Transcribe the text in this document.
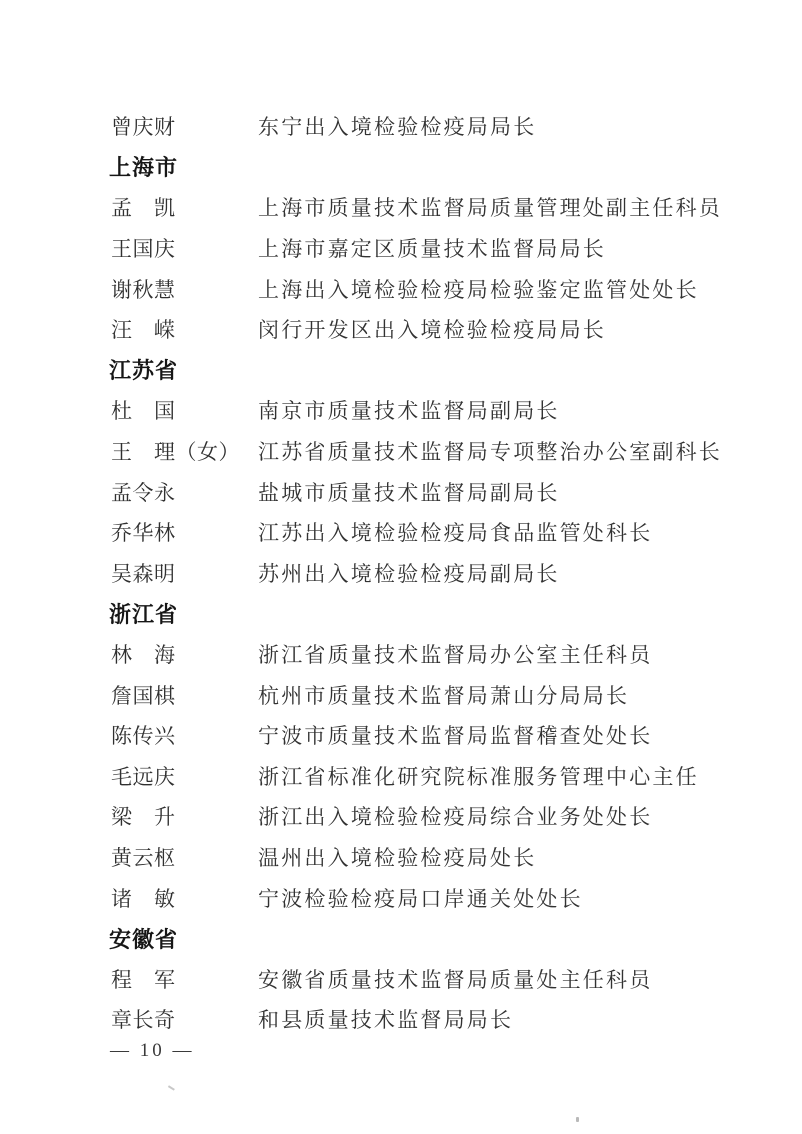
曾庆财	东宁出入境检验检疫局局长
上海市
孟　凯	上海市质量技术监督局质量管理处副主任科员
王国庆	上海市嘉定区质量技术监督局局长
谢秋慧	上海出入境检验检疫局检验鉴定监管处处长
汪　嵘	闵行开发区出入境检验检疫局局长
江苏省
杜　国	南京市质量技术监督局副局长
王　理（女） 江苏省质量技术监督局专项整治办公室副科长
孟令永	盐城市质量技术监督局副局长
乔华林	江苏出入境检验检疫局食品监管处科长
吴森明	苏州出入境检验检疫局副局长
浙江省
林　海	浙江省质量技术监督局办公室主任科员
詹国棋	杭州市质量技术监督局萧山分局局长
陈传兴	宁波市质量技术监督局监督稽查处处长
毛远庆	浙江省标准化研究院标准服务管理中心主任
梁　升	浙江出入境检验检疫局综合业务处处长
黄云枢	温州出入境检验检疫局处长
诸　敏	宁波检验检疫局口岸通关处处长
安徽省
程　军	安徽省质量技术监督局质量处主任科员
章长奇	和县质量技术监督局局长
— 10 —
